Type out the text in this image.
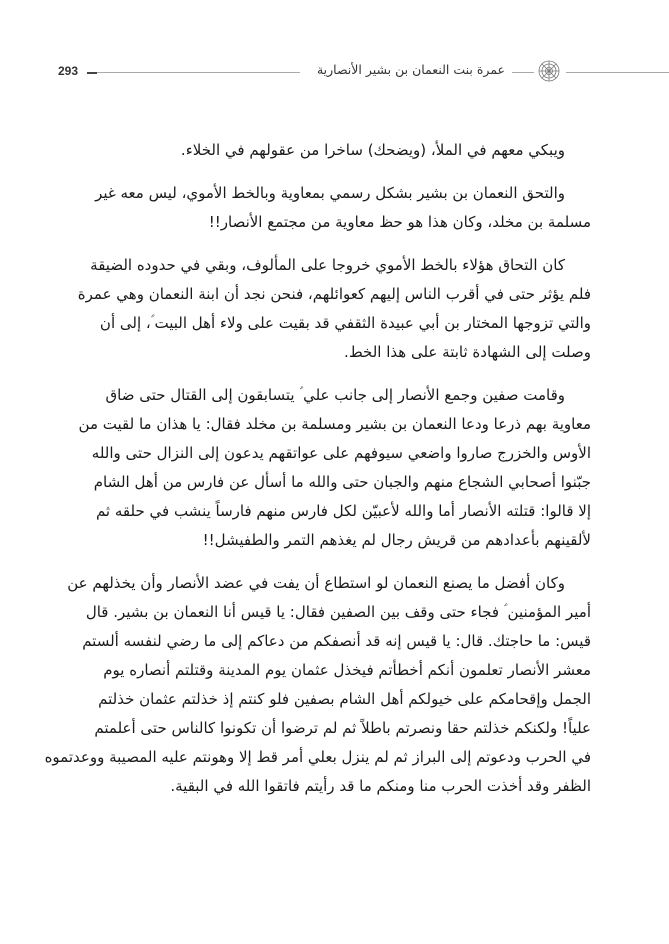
293	عمرة بنت النعمان بن بشير الأنصارية
ويبكي معهم في الملأ، (ويضحك) ساخرا من عقولهم في الخلاء.
والتحق النعمان بن بشير بشكل رسمي بمعاوية وبالخط الأموي، ليس معه غير
مسلمة بن مخلد، وكان هذا هو حظ معاوية من مجتمع الأنصار!!
كان التحاق هؤلاء بالخط الأموي خروجا على المألوف، وبقي في حدوده الضيقة
فلم يؤثر حتى في أقرب الناس إليهم كعوائلهم، فنحن نجد أن ابنة النعمان وهي عمرة
والتي تزوجها المختار بن أبي عبيدة الثقفي قد بقيت على ولاء أهل البيت ؑ، إلى أن
وصلت إلى الشهادة ثابتة على هذا الخط.
وقامت صفين وجمع الأنصار إلى جانب علي ؑ يتسابقون إلى القتال حتى ضاق
معاوية بهم ذرعا ودعا النعمان بن بشير ومسلمة بن مخلد فقال: يا هذان ما لقيت من
الأوس والخزرج صاروا واضعي سيوفهم على عواتقهم يدعون إلى النزال حتى والله
جبّنوا أصحابي الشجاع منهم والجبان حتى والله ما أسأل عن فارس من أهل الشام
إلا قالوا: قتلته الأنصار أما والله لأعبيّن لكل فارس منهم فارساً ينشب في حلقه ثم
لألقينهم بأعدادهم من قريش رجال لم يغذهم التمر والطفيشل!!
وكان أفضل ما يصنع النعمان لو استطاع أن يفت في عضد الأنصار وأن يخذلهم عن
أمير المؤمنين ؑ فجاء حتى وقف بين الصفين فقال: يا قيس أنا النعمان بن بشير. قال
قيس: ما حاجتك. قال: يا قيس إنه قد أنصفكم من دعاكم إلى ما رضي لنفسه ألستم
معشر الأنصار تعلمون أنكم أخطأتم فيخذل عثمان يوم المدينة وقتلتم أنصاره يوم
الجمل وإقحامكم على خيولكم أهل الشام بصفين فلو كنتم إذ خذلتم عثمان خذلتم
علياً! ولكنكم خذلتم حقا ونصرتم باطلاً ثم لم ترضوا أن تكونوا كالناس حتى أعلمتم
في الحرب ودعوتم إلى البراز ثم لم ينزل بعلي أمر قط إلا وهونتم عليه المصيبة ووعدتموه
الظفر وقد أخذت الحرب منا ومنكم ما قد رأيتم فاتقوا الله في البقية.
